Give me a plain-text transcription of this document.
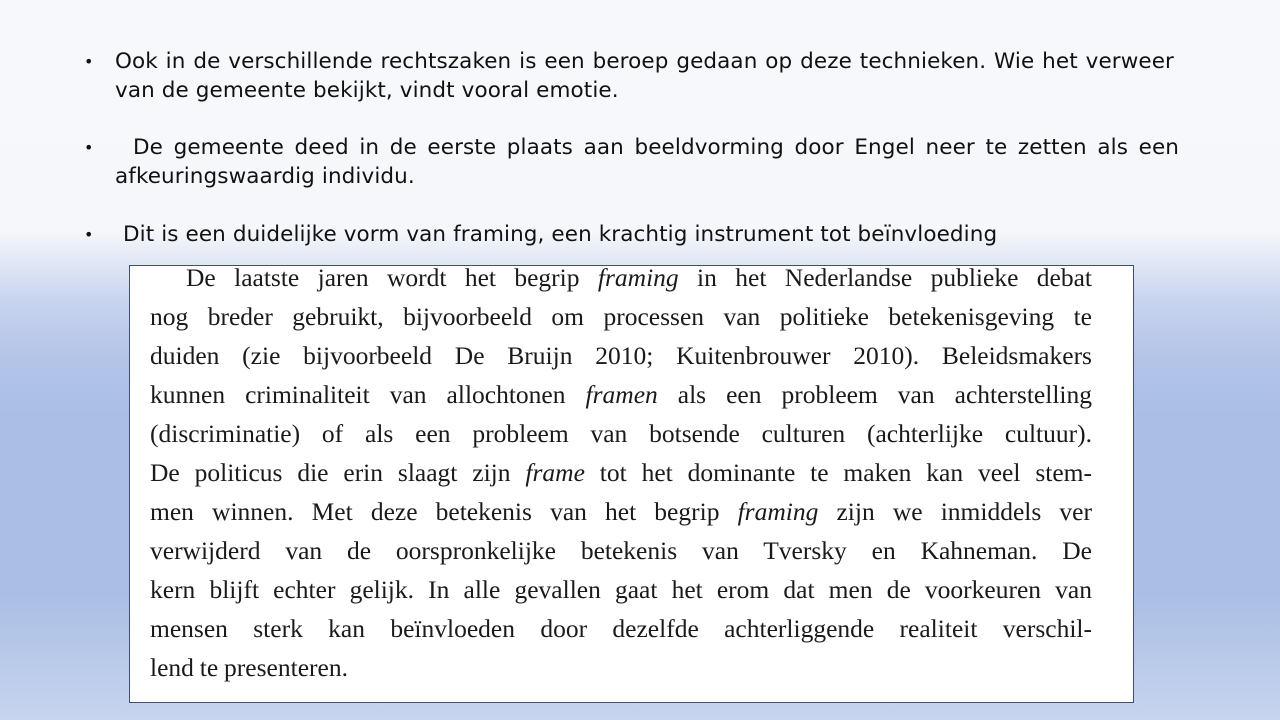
• Ook in de verschillende rechtszaken is een beroep gedaan op deze technieken. Wie het verweer van de gemeente bekijkt, vindt vooral emotie.
•	De gemeente deed in de eerste plaats aan beeldvorming door Engel neer te zetten als een afkeuringswaardig individu.
• Dit is een duidelijke vorm van framing, een krachtig instrument tot beïnvloeding

De laatste jaren wordt het begrip framing in het Nederlandse publieke debat
nog breder gebruikt, bijvoorbeeld om processen van politieke betekenisgeving te
duiden (zie bijvoorbeeld De Bruijn 2010; Kuitenbrouwer 2010). Beleidsmakers
kunnen criminaliteit van allochtonen framen als een probleem van achterstelling
(discriminatie) of als een probleem van botsende culturen (achterlijke cultuur).
De politicus die erin slaagt zijn frame tot het dominante te maken kan veel stem-
men winnen. Met deze betekenis van het begrip framing zijn we inmiddels ver
verwijderd van de oorspronkelijke betekenis van Tversky en Kahneman. De
kern blijft echter gelijk. In alle gevallen gaat het erom dat men de voorkeuren van
mensen sterk kan beïnvloeden door dezelfde achterliggende realiteit verschil-
lend te presenteren.
